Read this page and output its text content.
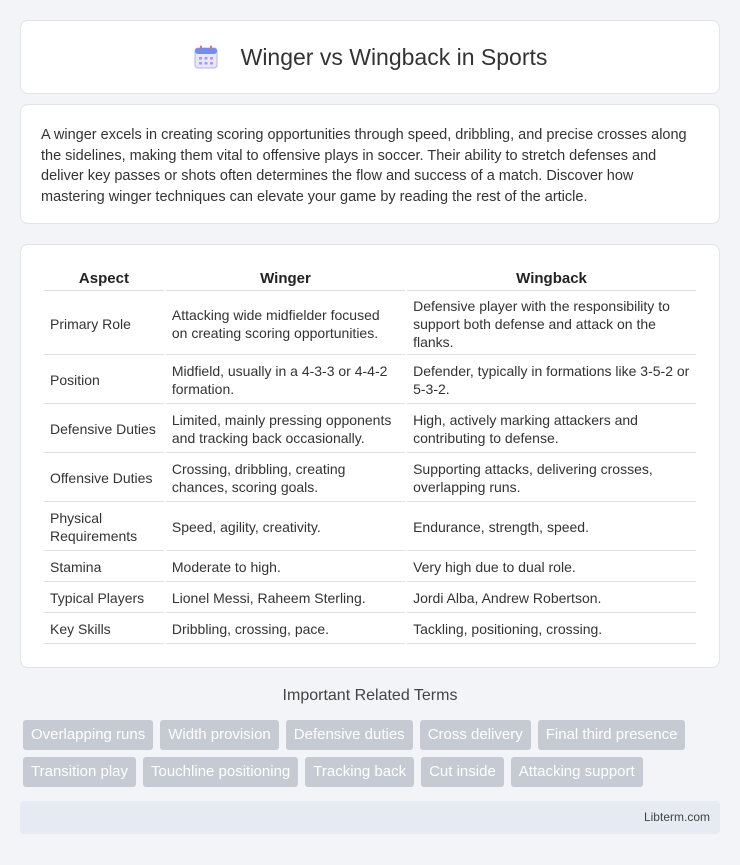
Winger vs Wingback in Sports

A winger excels in creating scoring opportunities through speed, dribbling, and precise crosses along the sidelines, making them vital to offensive plays in soccer. Their ability to stretch defenses and deliver key passes or shots often determines the flow and success of a match. Discover how mastering winger techniques can elevate your game by reading the rest of the article.

Aspect	Winger	Wingback
Primary Role	Attacking wide midfielder focused on creating scoring opportunities.	Defensive player with the responsibility to support both defense and attack on the flanks.
Position	Midfield, usually in a 4-3-3 or 4-4-2 formation.	Defender, typically in formations like 3-5-2 or 5-3-2.
Defensive Duties	Limited, mainly pressing opponents and tracking back occasionally.	High, actively marking attackers and contributing to defense.
Offensive Duties	Crossing, dribbling, creating chances, scoring goals.	Supporting attacks, delivering crosses, overlapping runs.
Physical Requirements	Speed, agility, creativity.	Endurance, strength, speed.
Stamina	Moderate to high.	Very high due to dual role.
Typical Players	Lionel Messi, Raheem Sterling.	Jordi Alba, Andrew Robertson.
Key Skills	Dribbling, crossing, pace.	Tackling, positioning, crossing.
Important Related Terms
Overlapping runs	Width provision	Defensive duties	Cross delivery	Final third presence
Transition play	Touchline positioning	Tracking back	Cut inside	Attacking support
Libterm.com
